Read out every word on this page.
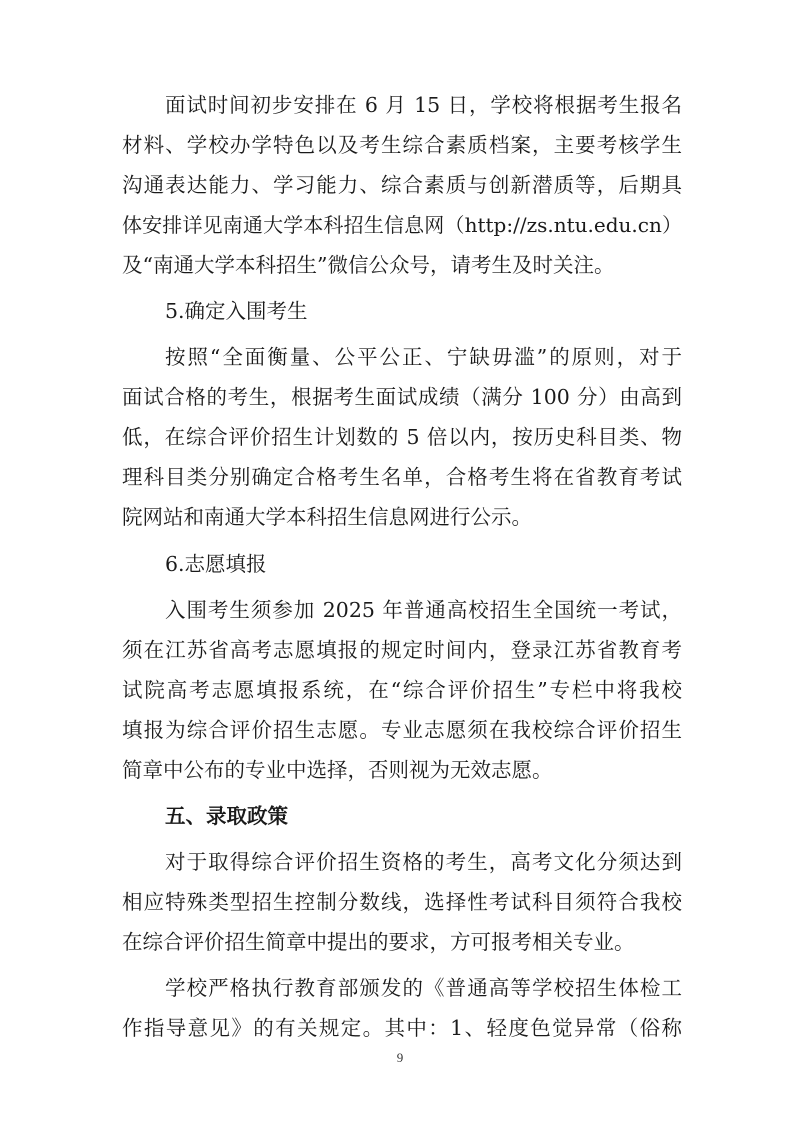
面试时间初步安排在 6 月 15 日，学校将根据考生报名
材料、学校办学特色以及考生综合素质档案，主要考核学生
沟通表达能力、学习能力、综合素质与创新潜质等，后期具
体安排详见南通大学本科招生信息网（http://zs.ntu.edu.cn）
及“南通大学本科招生”微信公众号，请考生及时关注。
5.确定入围考生
按照“全面衡量、公平公正、宁缺毋滥”的原则，对于
面试合格的考生，根据考生面试成绩（满分 100 分）由高到
低，在综合评价招生计划数的 5 倍以内，按历史科目类、物
理科目类分别确定合格考生名单，合格考生将在省教育考试
院网站和南通大学本科招生信息网进行公示。
6.志愿填报
入围考生须参加 2025 年普通高校招生全国统一考试，
须在江苏省高考志愿填报的规定时间内，登录江苏省教育考
试院高考志愿填报系统，在“综合评价招生”专栏中将我校
填报为综合评价招生志愿。专业志愿须在我校综合评价招生
简章中公布的专业中选择，否则视为无效志愿。
五、录取政策
对于取得综合评价招生资格的考生，高考文化分须达到
相应特殊类型招生控制分数线，选择性考试科目须符合我校
在综合评价招生简章中提出的要求，方可报考相关专业。
学校严格执行教育部颁发的《普通高等学校招生体检工
作指导意见》的有关规定。其中：1、轻度色觉异常（俗称
9
